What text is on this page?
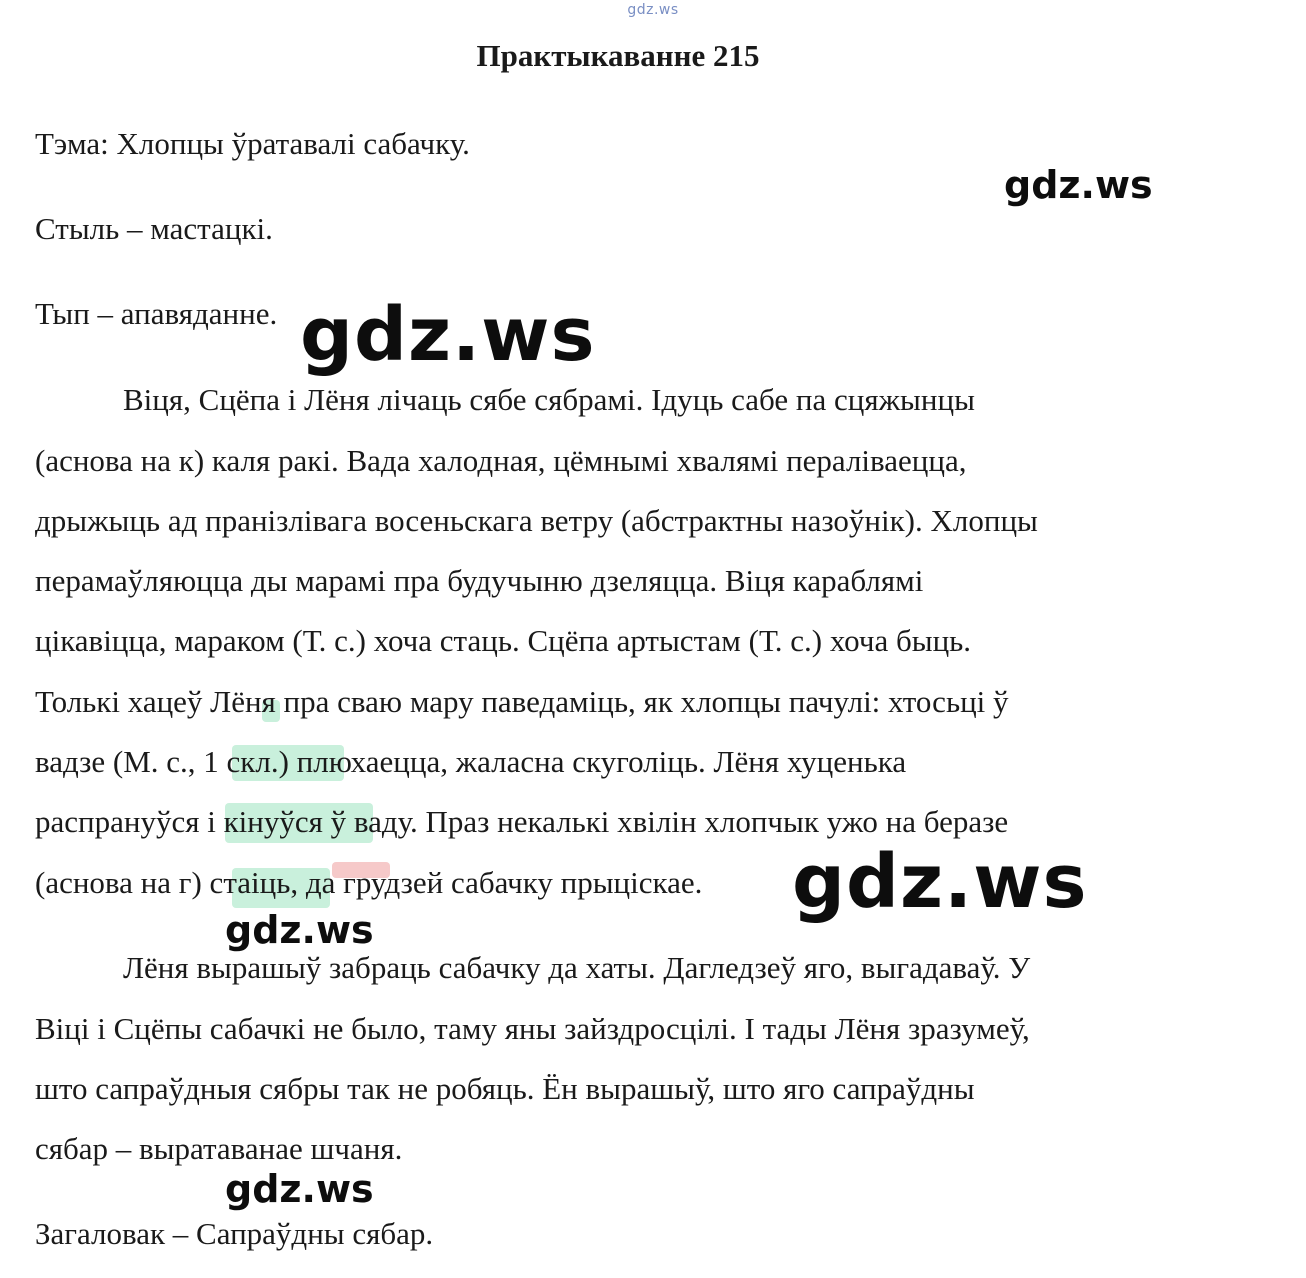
gdz.ws
Практыкаванне 215
Тэма: Хлопцы ўратавалі сабачку.
Стыль – мастацкі.
Тып – апавяданне.
Віця, Сцёпа і Лёня лічаць сябе сябрамі. Ідуць сабе па сцяжынцы
(аснова на к) каля ракі. Вада халодная, цёмнымі хвалямі пераліваецца,
дрыжыць ад пранізлівага восеньскага ветру (абстрактны назоўнік). Хлопцы
перамаўляюцца ды марамі пра будучыню дзеляцца. Віця караблямі
цікавіцца, мараком (Т. с.) хоча стаць. Сцёпа артыстам (Т. с.) хоча быць.
Толькі хацеў Лёня пра сваю мару паведаміць, як хлопцы пачулі: хтосьці ў
вадзе (М. с., 1 скл.) плюхаецца, жаласна скуголіць. Лёня хуценька
распрануўся і кінуўся ў ваду. Праз некалькі хвілін хлопчык ужо на беразе
(аснова на г) стаіць, да грудзей сабачку прыціскае.
Лёня вырашыў забраць сабачку да хаты. Дагледзеў яго, выгадаваў. У
Віці і Сцёпы сабачкі не было, таму яны зайздросцілі. І тады Лёня зразумеў,
што сапраўдныя сябры так не робяць. Ён вырашыў, што яго сапраўдны
сябар – выратаванае шчаня.
Загаловак – Сапраўдны сябар.
gdz.ws
gdz.ws
gdz.ws
gdz.ws
gdz.ws
